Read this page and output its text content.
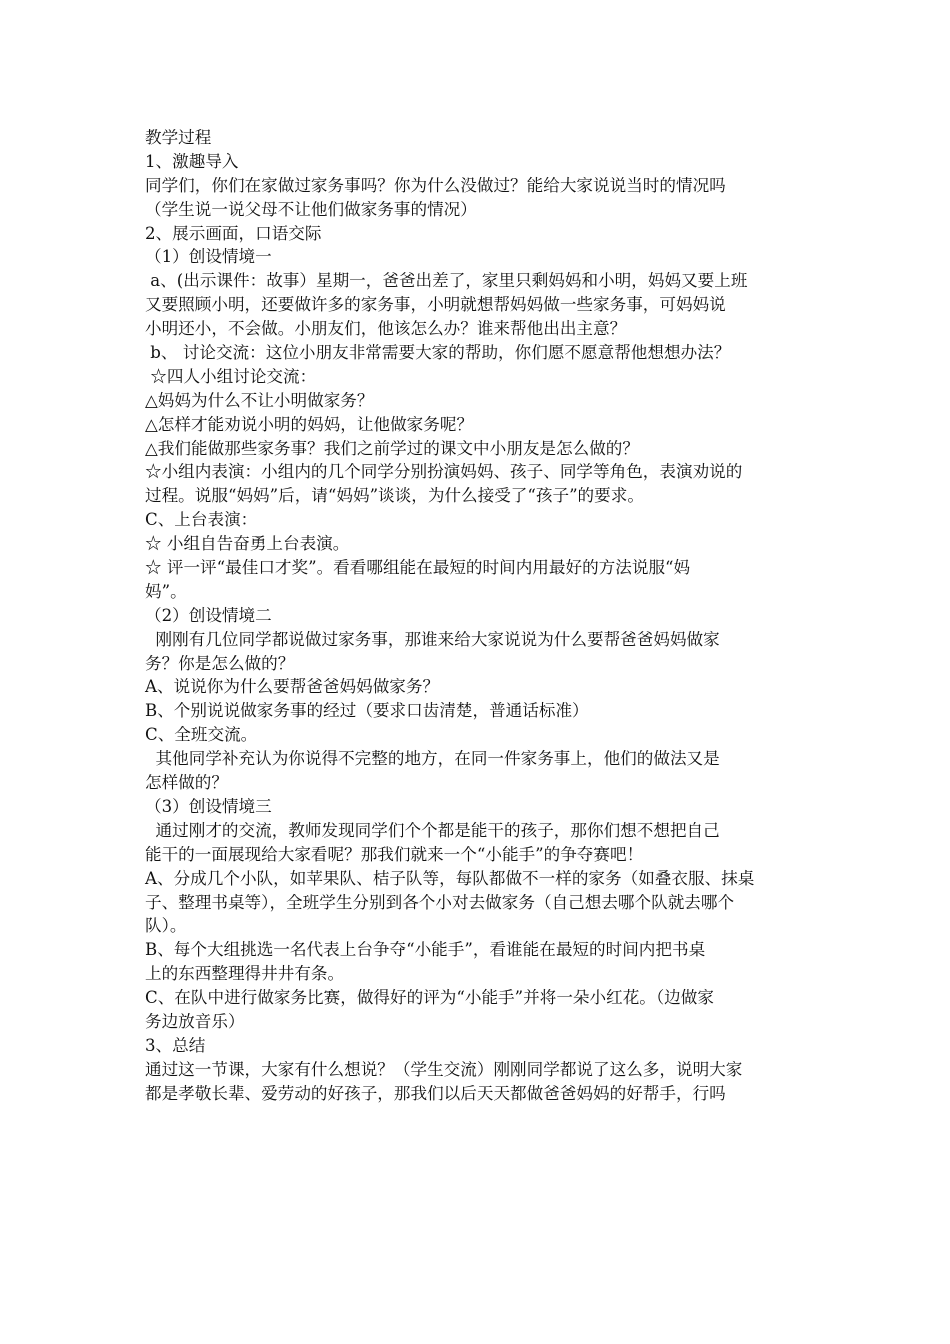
教学过程
1、激趣导入
同学们，你们在家做过家务事吗？你为什么没做过？能给大家说说当时的情况吗
（学生说一说父母不让他们做家务事的情况）
2、展示画面，口语交际
（1）创设情境一
a、(出示课件：故事）星期一，爸爸出差了，家里只剩妈妈和小明，妈妈又要上班
又要照顾小明，还要做许多的家务事，小明就想帮妈妈做一些家务事，可妈妈说
小明还小，不会做。小朋友们，他该怎么办？谁来帮他出出主意？
b、 讨论交流：这位小朋友非常需要大家的帮助，你们愿不愿意帮他想想办法？
☆四人小组讨论交流：
△妈妈为什么不让小明做家务？
△怎样才能劝说小明的妈妈，让他做家务呢？
△我们能做那些家务事？我们之前学过的课文中小朋友是怎么做的？
☆小组内表演：小组内的几个同学分别扮演妈妈、孩子、同学等角色，表演劝说的
过程。说服“妈妈”后，请“妈妈”谈谈，为什么接受了“孩子”的要求。
C、上台表演：
☆ 小组自告奋勇上台表演。
☆ 评一评“最佳口才奖”。看看哪组能在最短的时间内用最好的方法说服“妈
妈”。
（2）创设情境二
刚刚有几位同学都说做过家务事，那谁来给大家说说为什么要帮爸爸妈妈做家
务？你是怎么做的？
A、说说你为什么要帮爸爸妈妈做家务？
B、个别说说做家务事的经过（要求口齿清楚，普通话标准）
C、全班交流。
其他同学补充认为你说得不完整的地方，在同一件家务事上，他们的做法又是
怎样做的？
（3）创设情境三
通过刚才的交流，教师发现同学们个个都是能干的孩子，那你们想不想把自己
能干的一面展现给大家看呢？那我们就来一个“小能手”的争夺赛吧！
A、分成几个小队，如苹果队、桔子队等，每队都做不一样的家务（如叠衣服、抹桌
子、整理书桌等），全班学生分别到各个小对去做家务（自己想去哪个队就去哪个
队）。
B、每个大组挑选一名代表上台争夺“小能手”，看谁能在最短的时间内把书桌
上的东西整理得井井有条。
C、在队中进行做家务比赛，做得好的评为“小能手”并将一朵小红花。（边做家
务边放音乐）
3、总结
通过这一节课，大家有什么想说？（学生交流）刚刚同学都说了这么多，说明大家
都是孝敬长辈、爱劳动的好孩子，那我们以后天天都做爸爸妈妈的好帮手，行吗
